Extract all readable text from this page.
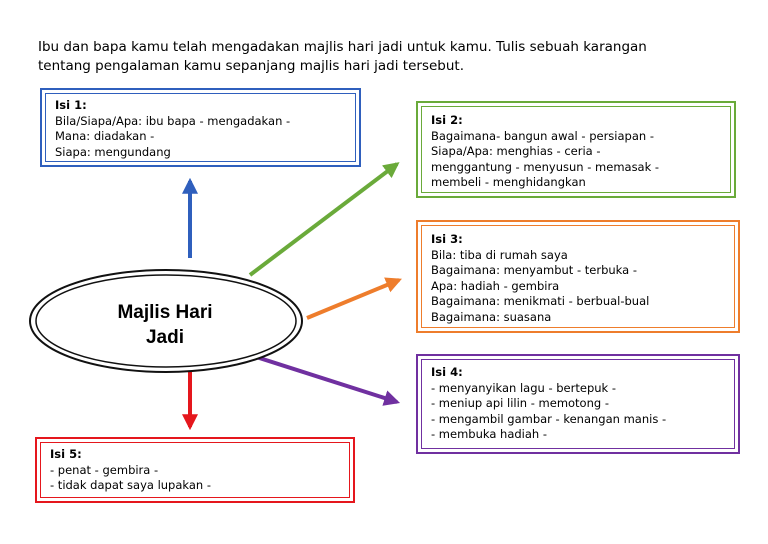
Ibu dan bapa kamu telah mengadakan majlis hari jadi untuk kamu. Tulis sebuah karangan
tentang pengalaman kamu sepanjang majlis hari jadi tersebut.
Majlis Hari
Jadi
Isi 1:
Bila/Siapa/Apa: ibu bapa - mengadakan -
Mana: diadakan -
Siapa: mengundang
Isi 2:
Bagaimana- bangun awal - persiapan -
Siapa/Apa: menghias - ceria -
menggantung - menyusun - memasak -
membeli - menghidangkan
Isi 3:
Bila: tiba di rumah saya
Bagaimana: menyambut - terbuka -
Apa: hadiah - gembira
Bagaimana: menikmati - berbual-bual
Bagaimana: suasana
Isi 4:
- menyanyikan lagu - bertepuk -
- meniup api lilin - memotong -
- mengambil gambar - kenangan manis -
- membuka hadiah -
Isi 5:
- penat - gembira -
- tidak dapat saya lupakan -
